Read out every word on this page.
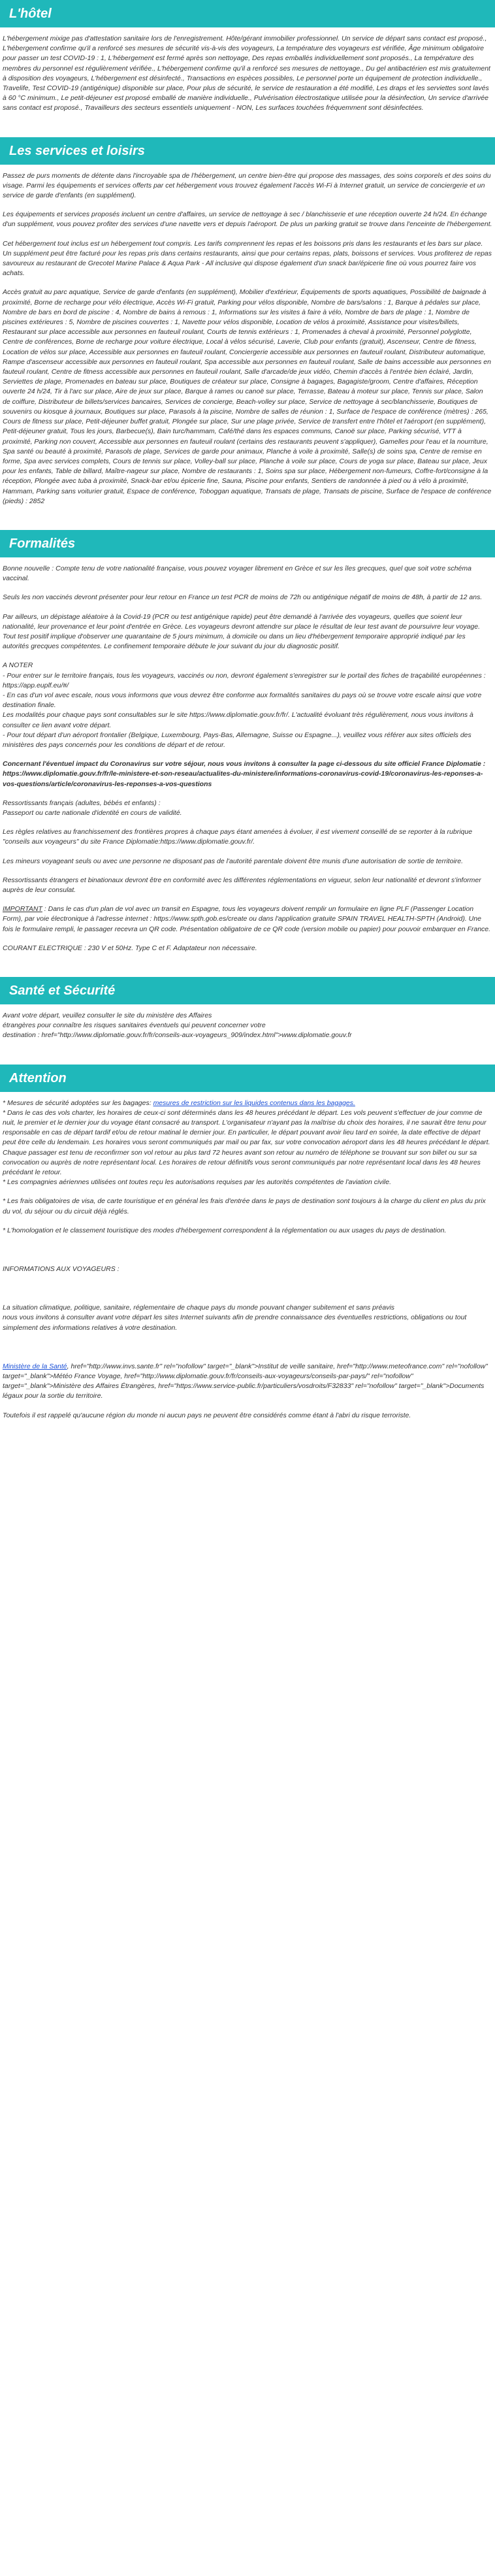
L'hôtel

L'hébergement mixige pas d'attestation sanitaire lors de l'enregistrement. Hôte/gérant immobilier professionnel. Un service de départ sans contact est proposé., L'hébergement confirme qu'il a renforcé ses mesures de sécurité vis-à-vis des voyageurs, La température des voyageurs est vérifiée, Âge minimum obligatoire pour passer un test COVID-19 : 1, L'hébergement est fermé après son nettoyage, Des repas emballés individuellement sont proposés., La température des membres du personnel est régulièrement vérifiée., L'hébergement confirme qu'il a renforcé ses mesures de nettoyage., Du gel antibactérien est mis gratuitement à disposition des voyageurs, L'hébergement est désinfecté., Transactions en espèces possibles, Le personnel porte un équipement de protection individuelle., Travelife, Test COVID-19 (antigénique) disponible sur place, Pour plus de sécurité, le service de restauration a été modifié, Les draps et les serviettes sont lavés à 60 °C minimum., Le petit-déjeuner est proposé emballé de manière individuelle., Pulvérisation électrostatique utilisée pour la désinfection, Un service d'arrivée sans contact est proposé., Travailleurs des secteurs essentiels uniquement - NON, Les surfaces touchées fréquemment sont désinfectées.

Les services et loisirs

Passez de purs moments de détente dans l'incroyable spa de l'hébergement, un centre bien-être qui propose des massages, des soins corporels et des soins du visage. Parmi les équipements et services offerts par cet hébergement vous trouvez également l'accès Wi-Fi à Internet gratuit, un service de conciergerie et un service de garde d'enfants (en supplément).

Les équipements et services proposés incluent un centre d'affaires, un service de nettoyage à sec / blanchisserie et une réception ouverte 24 h/24. En échange d'un supplément, vous pouvez profiter des services d'une navette vers et depuis l'aéroport. De plus un parking gratuit se trouve dans l'enceinte de l'hébergement.

Cet hébergement tout inclus est un hébergement tout compris. Les tarifs comprennent les repas et les boissons pris dans les restaurants et les bars sur place. Un supplément peut être facturé pour les repas pris dans certains restaurants, ainsi que pour certains repas, plats, boissons et services. Vous profiterez de repas savoureux au restaurant de Grecotel Marine Palace & Aqua Park - All inclusive qui dispose également d'un snack bar/épicerie fine où vous pourrez faire vos achats.

Accès gratuit au parc aquatique, Service de garde d'enfants (en supplément), Mobilier d'extérieur, Équipements de sports aquatiques, Possibilité de baignade à proximité, Borne de recharge pour vélo électrique, Accès Wi-Fi gratuit, Parking pour vélos disponible, Nombre de bars/salons : 1, Barque à pédales sur place, Nombre de bars en bord de piscine : 4, Nombre de bains à remous : 1, Informations sur les visites à faire à vélo, Nombre de bars de plage : 1, Nombre de piscines extérieures : 5, Nombre de piscines couvertes : 1, Navette pour vélos disponible, Location de vélos à proximité, Assistance pour visites/billets, Restaurant sur place accessible aux personnes en fauteuil roulant, Courts de tennis extérieurs : 1, Promenades à cheval à proximité, Personnel polyglotte, Centre de conférences, Borne de recharge pour voiture électrique, Local à vélos sécurisé, Laverie, Club pour enfants (gratuit), Ascenseur, Centre de fitness, Location de vélos sur place, Accessible aux personnes en fauteuil roulant, Conciergerie accessible aux personnes en fauteuil roulant, Distributeur automatique, Rampe d'ascenseur accessible aux personnes en fauteuil roulant, Spa accessible aux personnes en fauteuil roulant, Salle de bains accessible aux personnes en fauteuil roulant, Centre de fitness accessible aux personnes en fauteuil roulant, Salle d'arcade/de jeux vidéo, Chemin d'accès à l'entrée bien éclairé, Jardin, Serviettes de plage, Promenades en bateau sur place, Boutiques de créateur sur place, Consigne à bagages, Bagagiste/groom, Centre d'affaires, Réception ouverte 24 h/24, Tir à l'arc sur place, Aire de jeux sur place, Barque à rames ou canoë sur place, Terrasse, Bateau à moteur sur place, Tennis sur place, Salon de coiffure, Distributeur de billets/services bancaires, Services de concierge, Beach-volley sur place, Service de nettoyage à sec/blanchisserie, Boutiques de souvenirs ou kiosque à journaux, Boutiques sur place, Parasols à la piscine, Nombre de salles de réunion : 1, Surface de l'espace de conférence (mètres) : 265, Cours de fitness sur place, Petit-déjeuner buffet gratuit, Plongée sur place, Sur une plage privée, Service de transfert entre l'hôtel et l'aéroport (en supplément), Petit-déjeuner gratuit, Tous les jours, Barbecue(s), Bain turc/hammam, Café/thé dans les espaces communs, Canoë sur place, Parking sécurisé, VTT à proximité, Parking non couvert, Accessible aux personnes en fauteuil roulant (certains des restaurants peuvent s'appliquer), Gamelles pour l'eau et la nourriture, Spa santé ou beauté à proximité, Parasols de plage, Services de garde pour animaux, Planche à voile à proximité, Salle(s) de soins spa, Centre de remise en forme, Spa avec services complets, Cours de tennis sur place, Volley-ball sur place, Planche à voile sur place, Cours de yoga sur place, Bateau sur place, Jeux pour les enfants, Table de billard, Maître-nageur sur place, Nombre de restaurants : 1, Soins spa sur place, Hébergement non-fumeurs, Coffre-fort/consigne à la réception, Plongée avec tuba à proximité, Snack-bar et/ou épicerie fine, Sauna, Piscine pour enfants, Sentiers de randonnée à pied ou à vélo à proximité, Hammam, Parking sans voiturier gratuit, Espace de conférence, Toboggan aquatique, Transats de plage, Transats de piscine, Surface de l'espace de conférence (pieds) : 2852

Formalités

Bonne nouvelle : Compte tenu de votre nationalité française, vous pouvez voyager librement en Grèce et sur les îles grecques, quel que soit votre schéma vaccinal.

Seuls les non vaccinés devront présenter pour leur retour en France un test PCR de moins de 72h ou antigénique négatif de moins de 48h, à partir de 12 ans.

Par ailleurs, un dépistage aléatoire à la Covid-19 (PCR ou test antigénique rapide) peut être demandé à l'arrivée des voyageurs, quelles que soient leur nationalité, leur provenance et leur point d'entrée en Grèce. Les voyageurs devront attendre sur place le résultat de leur test avant de poursuivre leur voyage. Tout test positif implique d'observer une quarantaine de 5 jours minimum, à domicile ou dans un lieu d'hébergement temporaire approprié indiqué par les autorités grecques compétentes. Le confinement temporaire débute le jour suivant du jour du diagnostic positif.

A NOTER

- Pour entrer sur le territoire français, tous les voyageurs, vaccinés ou non, devront également s'enregistrer sur le portail des fiches de traçabilité européennes : https://app.euplf.eu/#/

- En cas d'un vol avec escale, nous vous informons que vous devrez être conforme aux formalités sanitaires du pays où se trouve votre escale ainsi que votre destination finale.

Les modalités pour chaque pays sont consultables sur le site https://www.diplomatie.gouv.fr/fr/. L'actualité évoluant très régulièrement, nous vous invitons à consulter ce lien avant votre départ.

- Pour tout départ d'un aéroport frontalier (Belgique, Luxembourg, Pays-Bas, Allemagne, Suisse ou Espagne...), veuillez vous référer aux sites officiels des ministères des pays concernés pour les conditions de départ et de retour.

Concernant l'éventuel impact du Coronavirus sur votre séjour, nous vous invitons à consulter la page ci-dessous du site officiel France Diplomatie : https://www.diplomatie.gouv.fr/fr/le-ministere-et-son-reseau/actualites-du-ministere/informations-coronavirus-covid-19/coronavirus-les-reponses-a-vos-questions/article/coronavirus-les-reponses-a-vos-questions

Ressortissants français (adultes, bébés et enfants) :

Passeport ou carte nationale d'identité en cours de validité.

Les règles relatives au franchissement des frontières propres à chaque pays étant amenées à évoluer, il est vivement conseillé de se reporter à la rubrique "conseils aux voyageurs" du site France Diplomatie:https://www.diplomatie.gouv.fr/.

Les mineurs voyageant seuls ou avec une personne ne disposant pas de l'autorité parentale doivent être munis d'une autorisation de sortie de territoire.

Ressortissants étrangers et binationaux devront être en conformité avec les différentes réglementations en vigueur, selon leur nationalité et devront s'informer auprès de leur consulat.

IMPORTANT : Dans le cas d'un plan de vol avec un transit en Espagne, tous les voyageurs doivent remplir un formulaire en ligne PLF (Passenger Location Form), par voie électronique à l'adresse internet : https://www.spth.gob.es/create ou dans l'application gratuite SPAIN TRAVEL HEALTH-SPTH (Android). Une fois le formulaire rempli, le passager recevra un QR code. Présentation obligatoire de ce QR code (version mobile ou papier) pour pouvoir embarquer en France.

COURANT ELECTRIQUE : 230 V et 50Hz. Type C et F. Adaptateur non nécessaire.

Santé et Sécurité

Avant votre départ, veuillez consulter le site du ministère des Affaires

étrangères pour connaître les risques sanitaires éventuels qui peuvent concerner votre

destination : href="http://www.diplomatie.gouv.fr/fr/conseils-aux-voyageurs_909/index.html">www.diplomatie.gouv.fr

Attention

* Mesures de sécurité adoptées sur les bagages: mesures de restriction sur les liquides contenus dans les bagages.

* Dans le cas des vols charter, les horaires de ceux-ci sont déterminés dans les 48 heures précédant le départ. Les vols peuvent s'effectuer de jour comme de nuit, le premier et le dernier jour du voyage étant consacré au transport. L'organisateur n'ayant pas la maîtrise du choix des horaires, il ne saurait être tenu pour responsable en cas de départ tardif et/ou de retour matinal le dernier jour. En particulier, le départ pouvant avoir lieu tard en soirée, la date effective de départ peut être celle du lendemain. Les horaires vous seront communiqués par mail ou par fax, sur votre convocation aéroport dans les 48 heures précédant le départ. Chaque passager est tenu de reconfirmer son vol retour au plus tard 72 heures avant son retour au numéro de téléphone se trouvant sur son billet ou sur sa convocation ou auprès de notre représentant local. Les horaires de retour définitifs vous seront communiqués par notre représentant local dans les 48 heures précédant le retour.

* Les compagnies aériennes utilisées ont toutes reçu les autorisations requises par les autorités compétentes de l'aviation civile.

* Les frais obligatoires de visa, de carte touristique et en général les frais d'entrée dans le pays de destination sont toujours à la charge du client en plus du prix du vol, du séjour ou du circuit déjà réglés.

* L'homologation et le classement touristique des modes d'hébergement correspondent à la réglementation ou aux usages du pays de destination.

INFORMATIONS AUX VOYAGEURS :

La situation climatique, politique, sanitaire, réglementaire de chaque pays du monde pouvant changer subitement et sans préavis

nous vous invitons à consulter avant votre départ les sites Internet suivants afin de prendre connaissance des éventuelles restrictions, obligations ou tout simplement des informations relatives à votre destination.

Ministère de la Santé, href="http://www.invs.sante.fr" rel="nofollow" target="_blank">Institut de veille sanitaire, href="http://www.meteofrance.com" rel="nofollow" target="_blank">Météo France Voyage, href="http://www.diplomatie.gouv.fr/fr/conseils-aux-voyageurs/conseils-par-pays/" rel="nofollow" target="_blank">Ministère des Affaires Étrangères, href="https://www.service-public.fr/particuliers/vosdroits/F32833" rel="nofollow" target="_blank">Documents légaux pour la sortie du territoire.

Toutefois il est rappelé qu'aucune région du monde ni aucun pays ne peuvent être considérés comme étant à l'abri du risque terroriste.
